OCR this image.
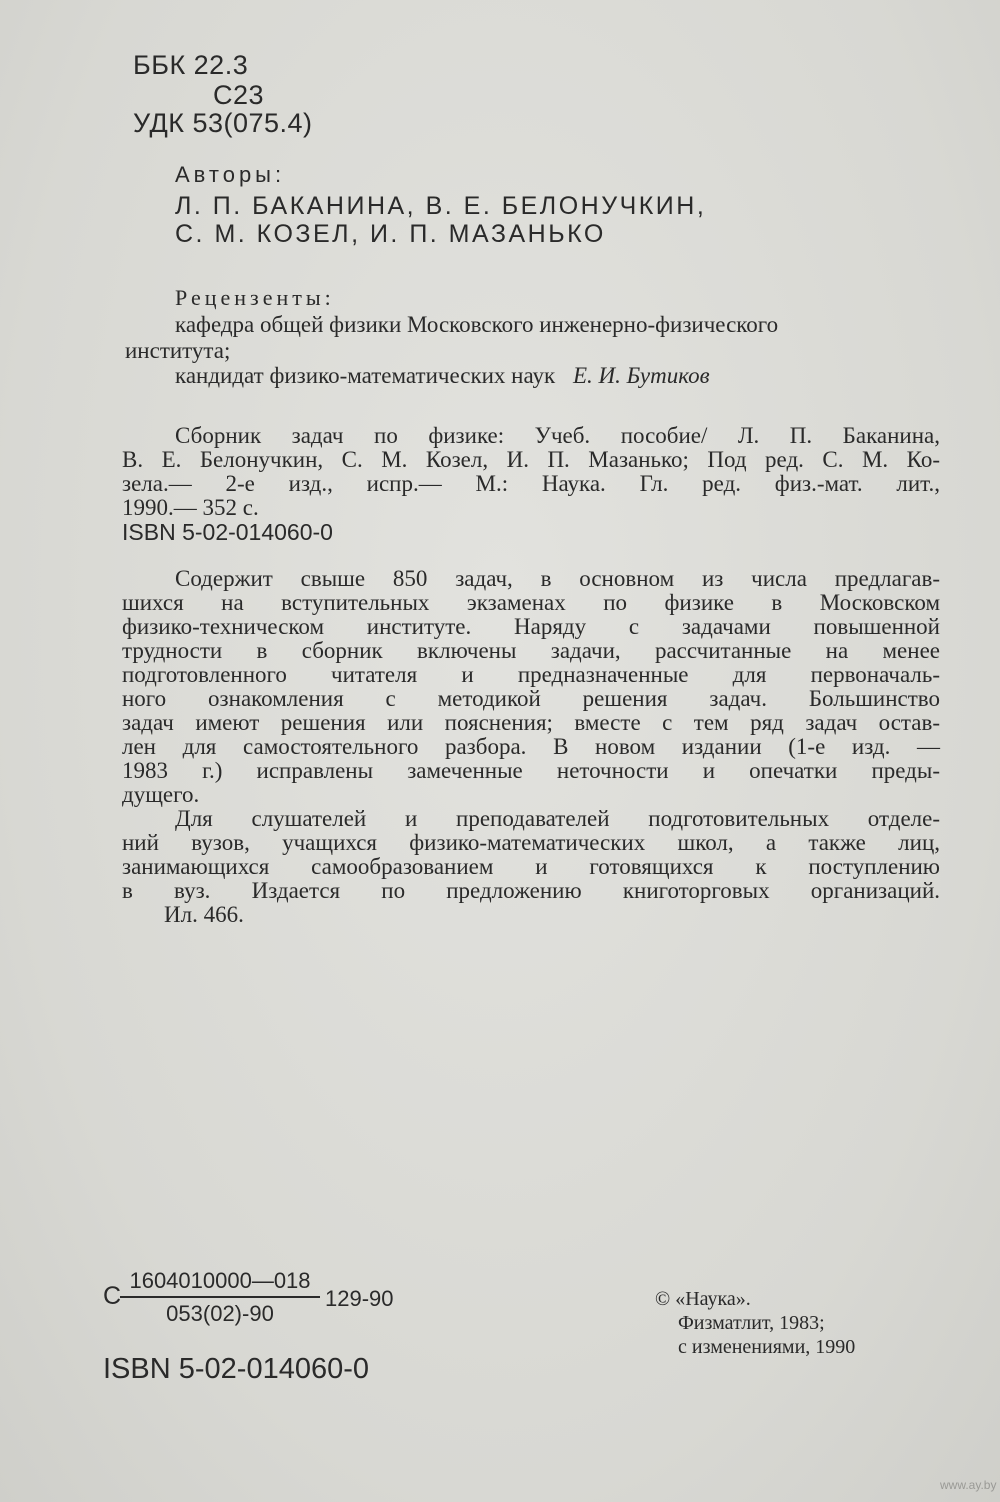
ББК 22.3
С23
УДК 53(075.4)
Авторы:
Л. П. БАКАНИНА, В. Е. БЕЛОНУЧКИН,
С. М. КОЗЕЛ, И. П. МАЗАНЬКО
Рецензенты:
кафедра общей физики Московского инженерно-физического
института;
кандидат физико-математических наук Е. И. Бутиков
Сборник задач по физике: Учеб. пособие/ Л. П. Баканина,
В. Е. Белонучкин, С. М. Козел, И. П. Мазанько; Под ред. С. М. Ко-
зела.— 2-е изд., испр.— М.: Наука. Гл. ред. физ.-мат. лит.,
1990.— 352 с.
ISBN 5-02-014060-0
Содержит свыше 850 задач, в основном из числа предлагав-
шихся на вступительных экзаменах по физике в Московском
физико-техническом институте. Наряду с задачами повышенной
трудности в сборник включены задачи, рассчитанные на менее
подготовленного читателя и предназначенные для первоначаль-
ного ознакомления с методикой решения задач. Большинство
задач имеют решения или пояснения; вместе с тем ряд задач остав-
лен для самостоятельного разбора. В новом издании (1-е изд. —
1983 г.) исправлены замеченные неточности и опечатки преды-
дущего.
Для слушателей и преподавателей подготовительных отделе-
ний вузов, учащихся физико-математических школ, а также лиц,
занимающихся самообразованием и готовящихся к поступлению
в вуз. Издается по предложению книготорговых организаций.
Ил. 466.
С
$\frac{1604010000—018}{053(02)-90} 129-90$
ISBN 5-02-014060-0
© «Наука».
Физматлит, 1983;
с изменениями, 1990
www.ay.by
